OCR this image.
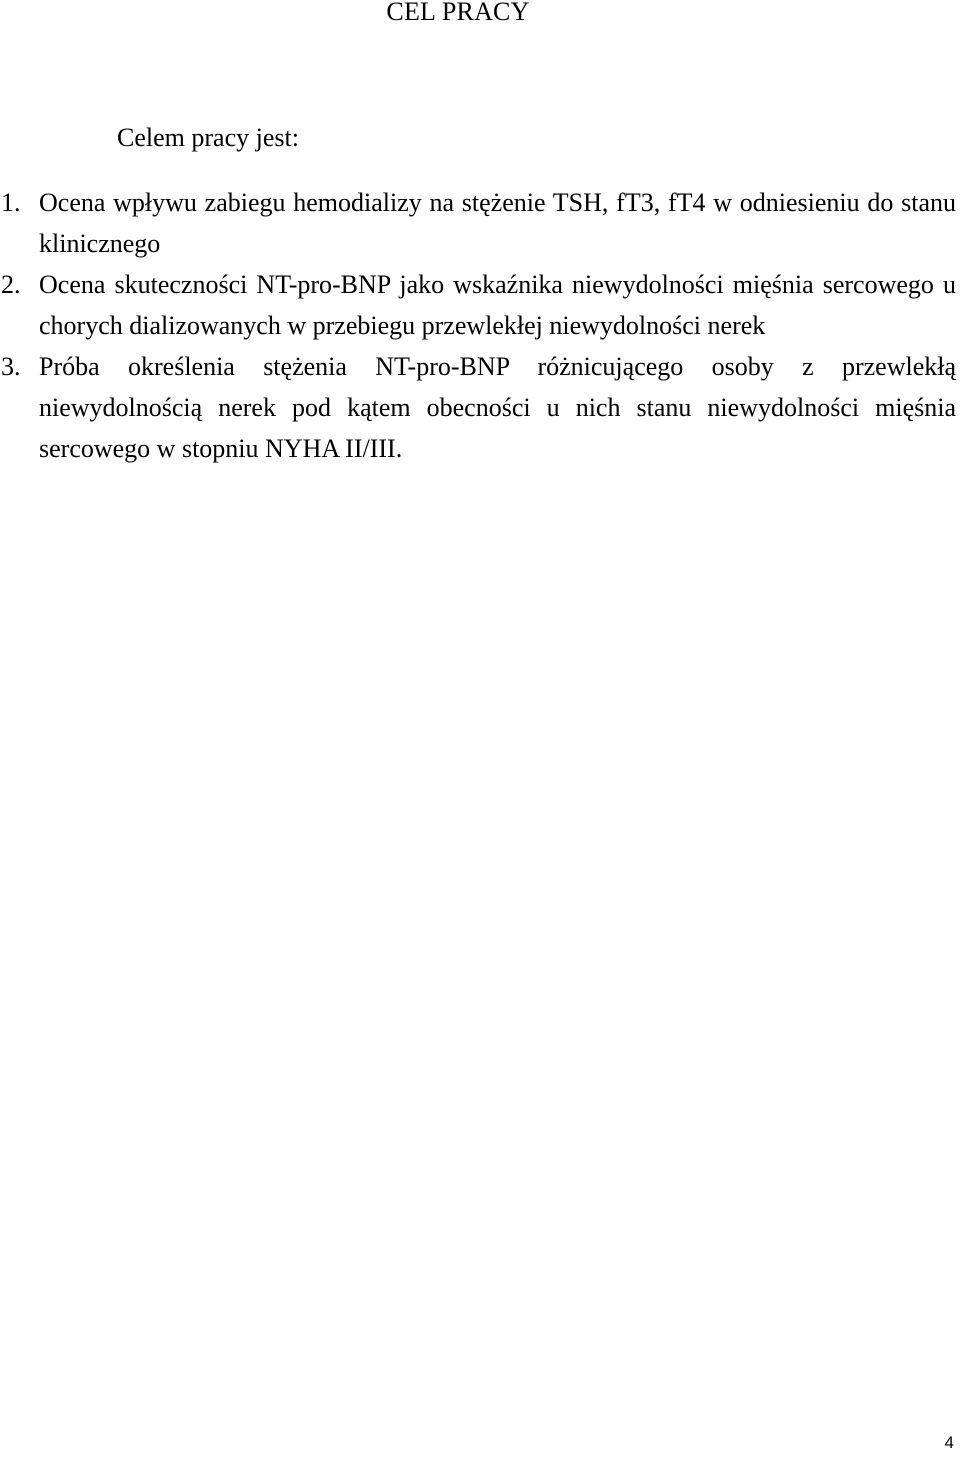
CEL PRACY
Celem pracy jest:
1. Ocena wpływu zabiegu hemodializy na stężenie TSH, fT3, fT4 w odniesieniu do stanu klinicznego
2. Ocena skuteczności NT-pro-BNP jako wskaźnika niewydolności mięśnia sercowego u chorych dializowanych w przebiegu przewlekłej niewydolności nerek
3. Próba określenia stężenia NT-pro-BNP różnicującego osoby z przewlekłą niewydolnością nerek pod kątem obecności u nich stanu niewydolności mięśnia sercowego w stopniu NYHA II/III.
4
